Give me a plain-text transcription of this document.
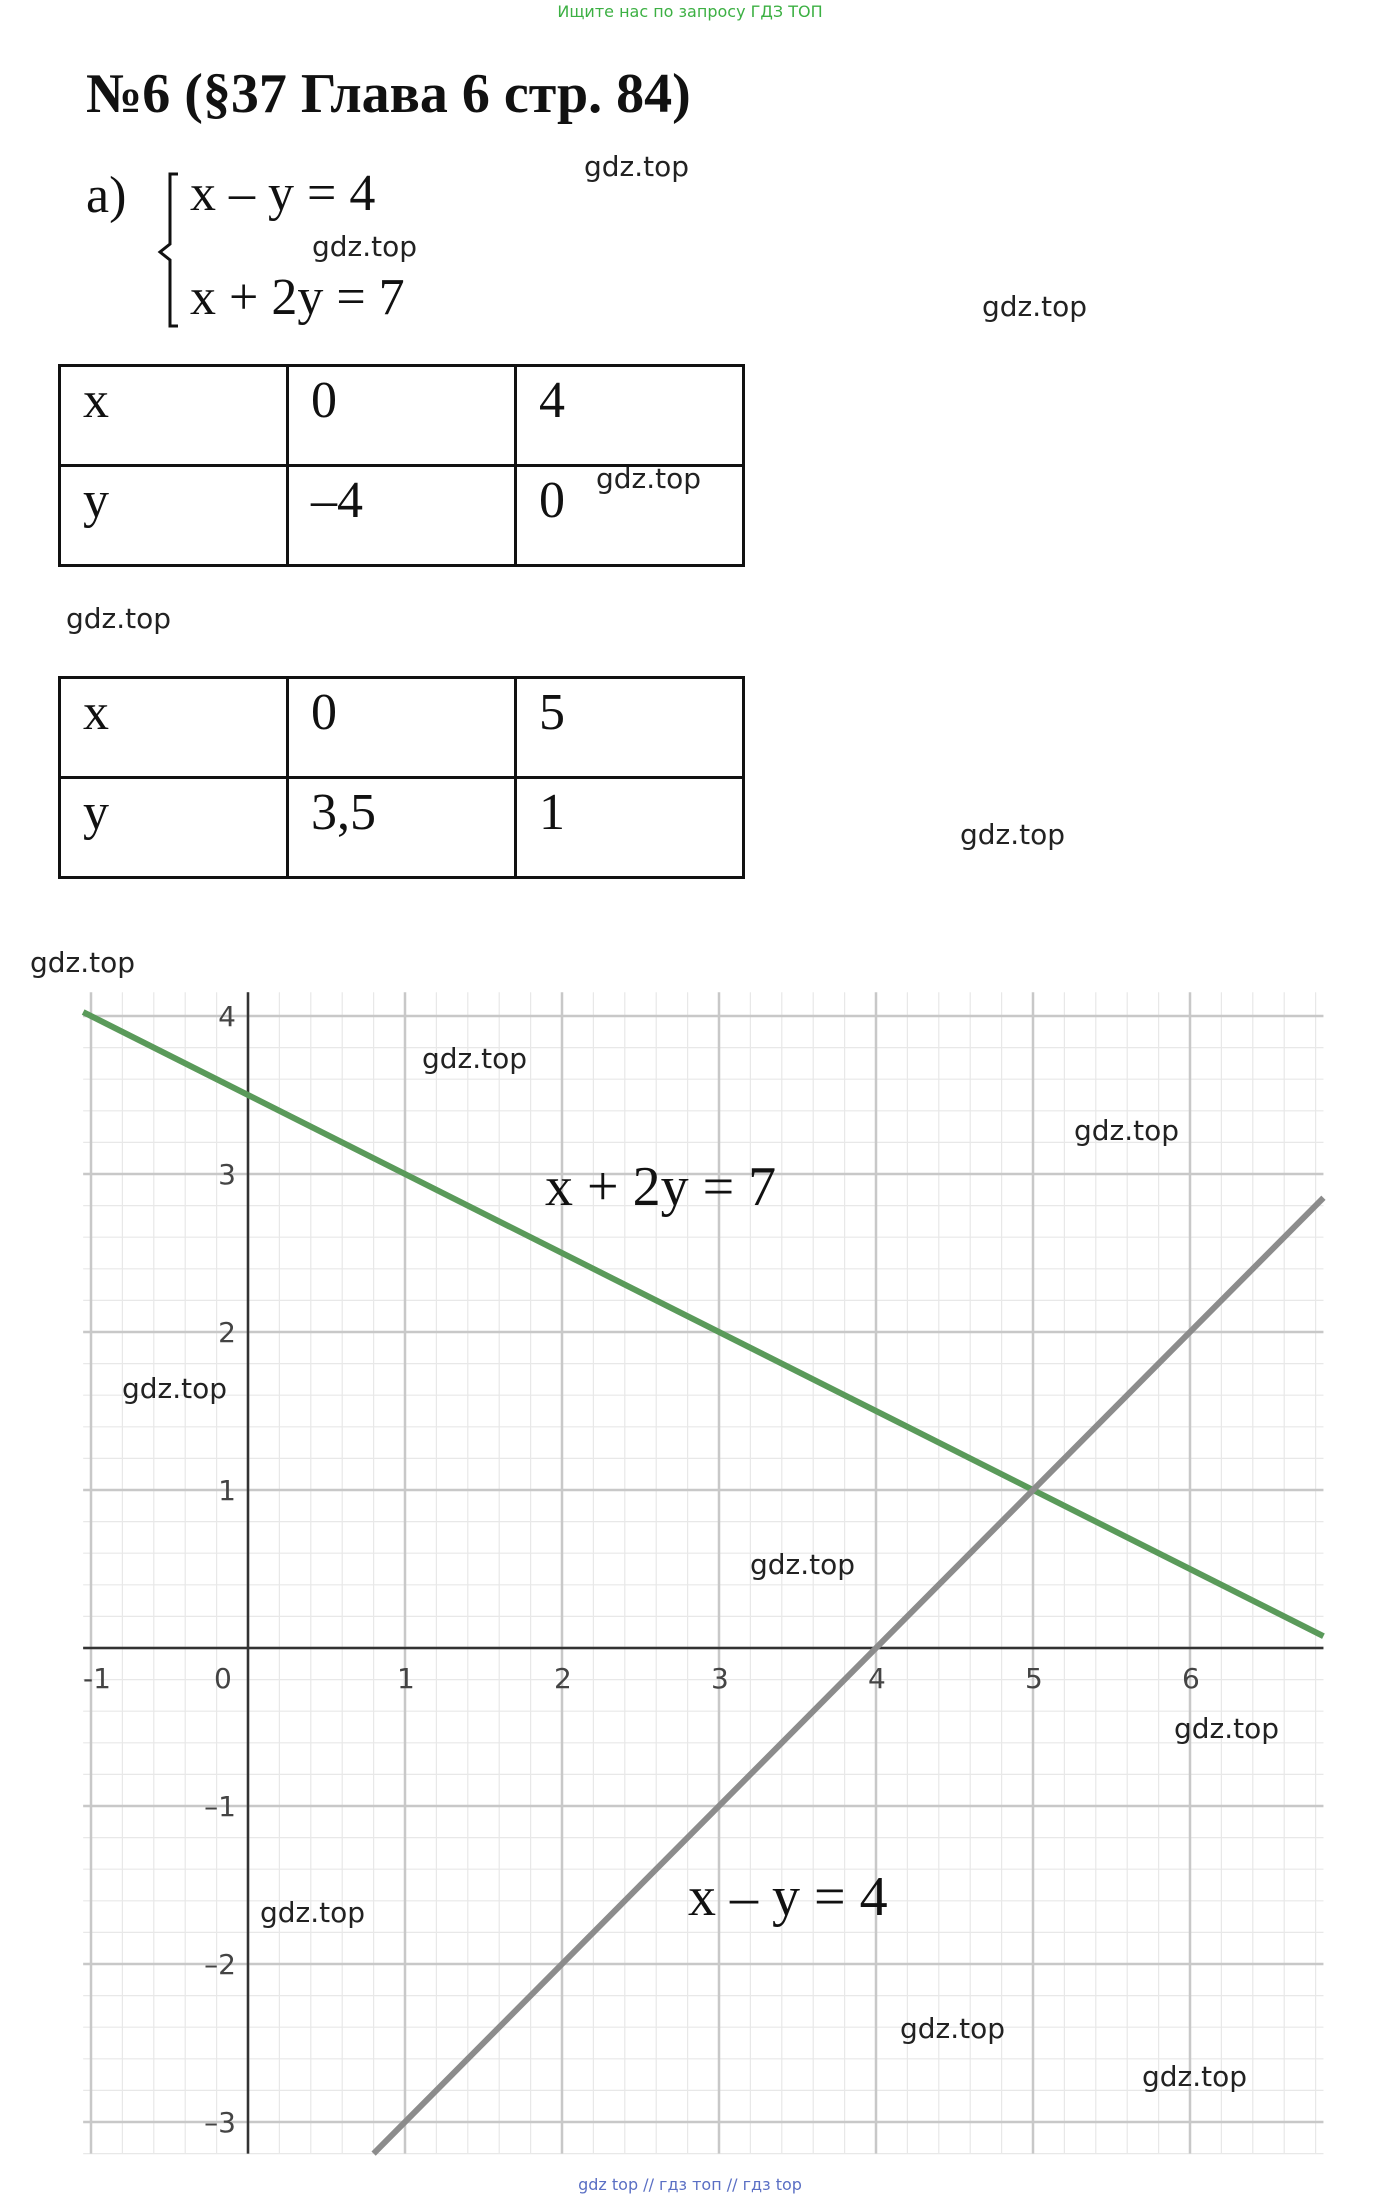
Ищите нас по запросу ГДЗ ТОП
№6 (§37 Глава 6 стр. 84)
а) x – y = 4
x + 2y = 7
x	0	4
y	–4	0
x	0	5
y	3,5	1
-1	0	1	2	3	4	5	6
4
3
2
1
–1
–2
–3
x + 2y = 7
x – y = 4
gdz.top
gdz.top
gdz.top
gdz.top
gdz.top
gdz.top
gdz.top
gdz.top
gdz.top
gdz.top
gdz.top
gdz.top
gdz.top
gdz.top
gdz.top
gdz top // гдз топ // гдз top
